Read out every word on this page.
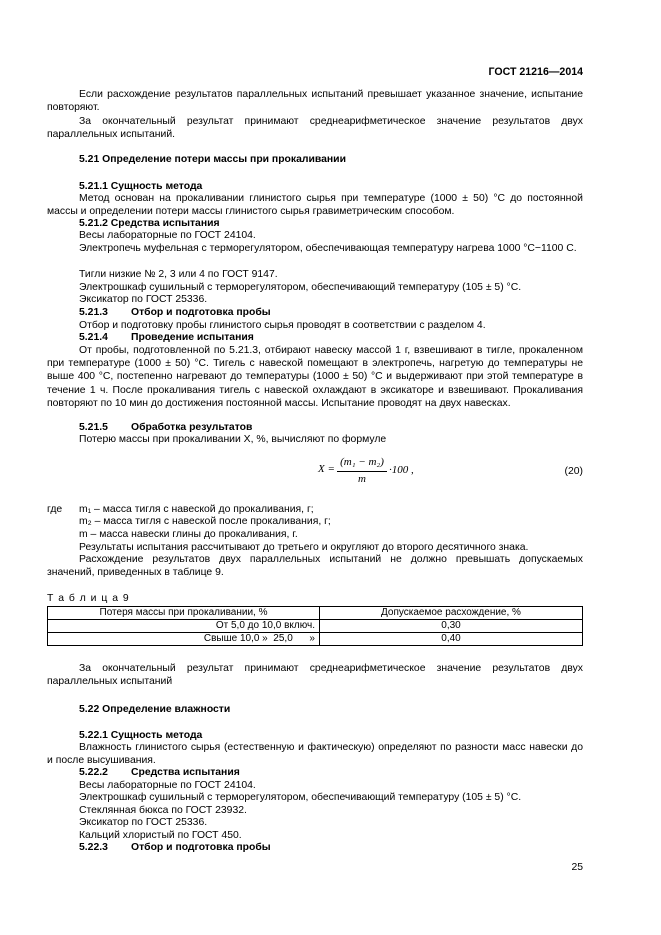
ГОСТ 21216—2014
Если расхождение результатов параллельных испытаний превышает указанное значение, испытание повторяют.
За окончательный результат принимают среднеарифметическое значение результатов двух параллельных испытаний.
5.21 Определение потери массы при прокаливании
5.21.1 Сущность метода
Метод основан на прокаливании глинистого сырья при температуре (1000 ± 50) °С до постоянной массы и определении потери массы глинистого сырья гравиметрическим способом.
5.21.2 Средства испытания
Весы лабораторные по ГОСТ 24104.
Электропечь муфельная с терморегулятором, обеспечивающая температуру нагрева 1000 °С−1100 С.
Тигли низкие № 2, 3 или 4 по ГОСТ 9147.
Электрошкаф сушильный с терморегулятором, обеспечивающий температуру (105 ± 5) °С.
Эксикатор по ГОСТ 25336.
5.21.3 Отбор и подготовка пробы
Отбор и подготовку пробы глинистого сырья проводят в соответствии с разделом 4.
5.21.4 Проведение испытания
От пробы, подготовленной по 5.21.3, отбирают навеску массой 1 г, взвешивают в тигле, прокаленном при температуре (1000 ± 50) °С. Тигель с навеской помещают в электропечь, нагретую до температуры не выше 400 °С, постепенно нагревают до температуры (1000 ± 50) °С и выдерживают при этой температуре в течение 1 ч. После прокаливания тигель с навеской охлаждают в эксикаторе и взвешивают. Прокаливания повторяют по 10 мин до достижения постоянной массы. Испытание проводят на двух навесках.
5.21.5 Обработка результатов
Потерю массы при прокаливании X, %, вычисляют по формуле
X =
(m₁ − m₂)
m
·100 ,	(20)
где m₁ – масса тигля с навеской до прокаливания, г;
m₂ – масса тигля с навеской после прокаливания, г;
m – масса навески глины до прокаливания, г.
Результаты испытания рассчитывают до третьего и округляют до второго десятичного знака.
Расхождение результатов двух параллельных испытаний не должно превышать допускаемых значений, приведенных в таблице 9.
Т а б л и ц а 9
Потеря массы при прокаливании, %	Допускаемое расхождение, %
От 5,0 до 10,0 включ.	0,30
Свыше 10,0 »  25,0      »	0,40
За окончательный результат принимают среднеарифметическое значение результатов двух параллельных испытаний
5.22 Определение влажности
5.22.1 Сущность метода
Влажность глинистого сырья (естественную и фактическую) определяют по разности масс навески до и после высушивания.
5.22.2 Средства испытания
Весы лабораторные по ГОСТ 24104.
Электрошкаф сушильный с терморегулятором, обеспечивающий температуру (105 ± 5) °С.
Стеклянная бюкса по ГОСТ 23932.
Эксикатор по ГОСТ 25336.
Кальций хлористый по ГОСТ 450.
5.22.3 Отбор и подготовка пробы
25
